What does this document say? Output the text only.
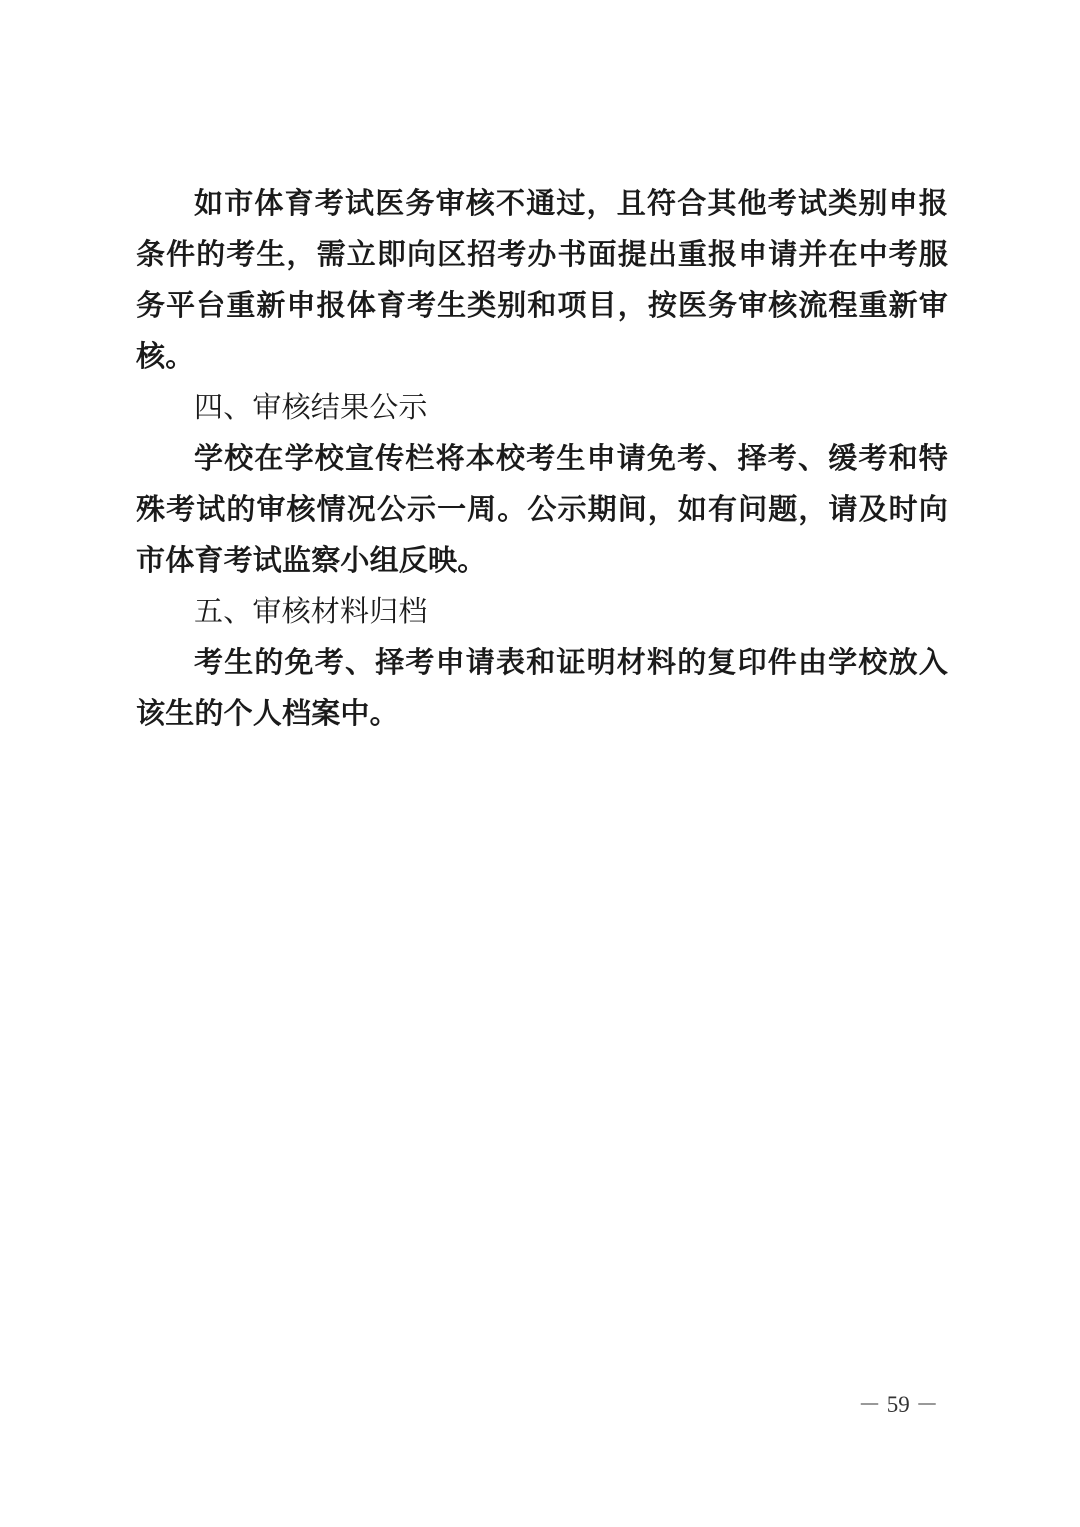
如市体育考试医务审核不通过，且符合其他考试类别申报条件的考生，需立即向区招考办书面提出重报申请并在中考服务平台重新申报体育考生类别和项目，按医务审核流程重新审核。

四、审核结果公示

学校在学校宣传栏将本校考生申请免考、择考、缓考和特殊考试的审核情况公示一周。公示期间，如有问题，请及时向市体育考试监察小组反映。

五、审核材料归档

考生的免考、择考申请表和证明材料的复印件由学校放入该生的个人档案中。

－ 59 －
